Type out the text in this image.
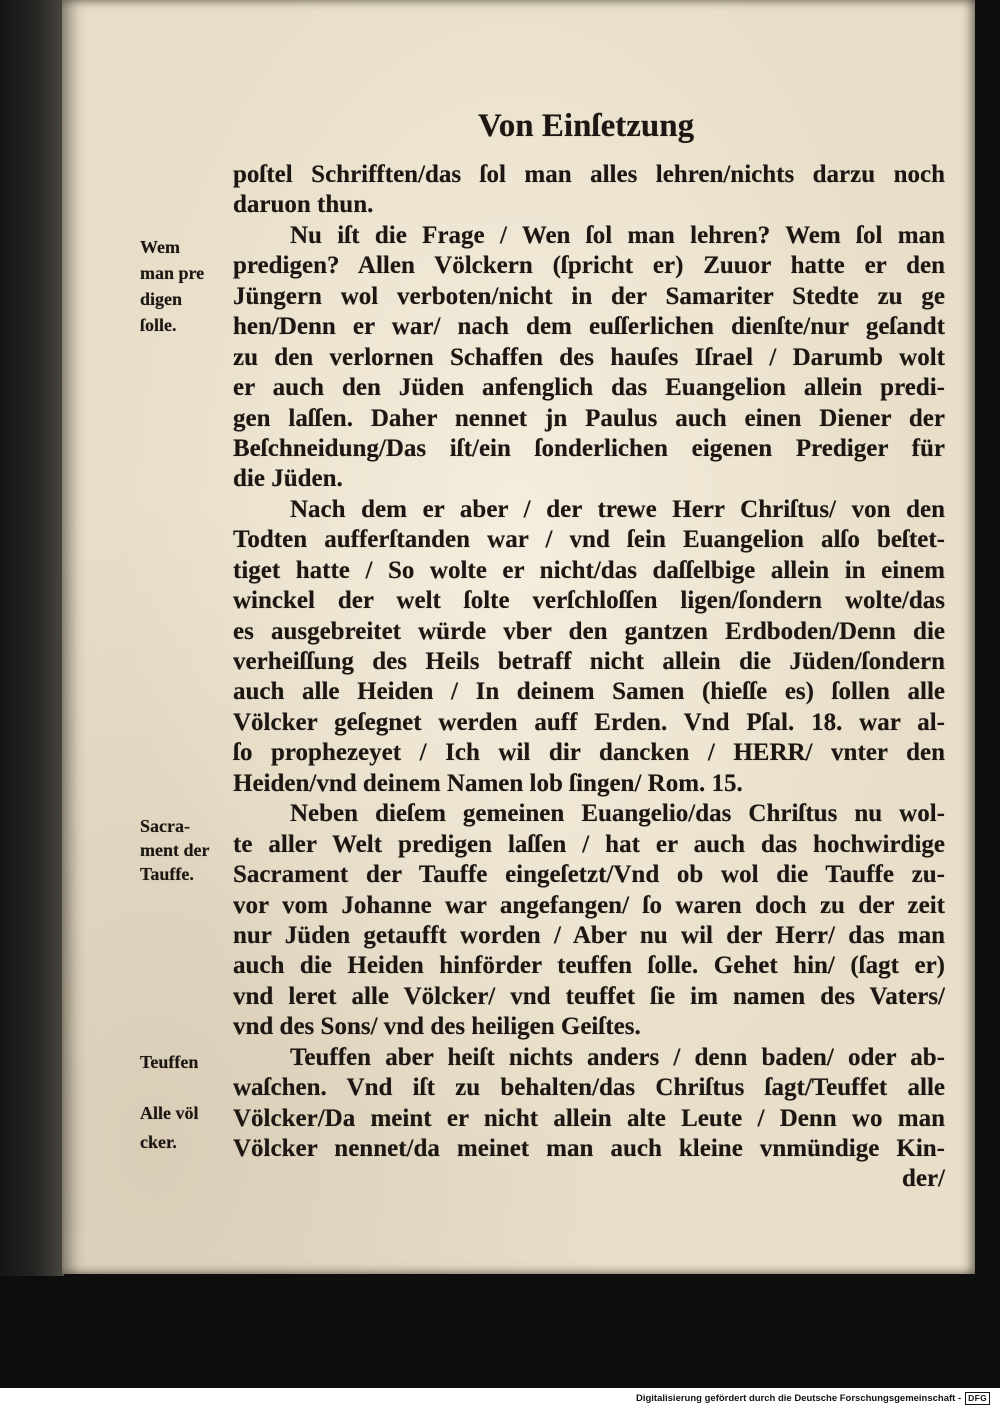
Von Einſetzung
poſtel Schrifften/das ſol man alles lehren/nichts darzu noch
daruon thun.
Nu iſt die Frage / Wen ſol man lehren? Wem ſol man
predigen? Allen Völckern (ſpricht er) Zuuor hatte er den
Jüngern wol verboten/nicht in der Samariter Stedte zu ge
hen/Denn er war/ nach dem euſſerlichen dienſte/nur geſandt
zu den verlornen Schaffen des hauſes Iſrael / Darumb wolt
er auch den Jüden anfenglich das Euangelion allein predi-
gen laſſen. Daher nennet jn Paulus auch einen Diener der
Beſchneidung/Das iſt/ein ſonderlichen eigenen Prediger für
die Jüden.
Nach dem er aber / der trewe Herr Chriſtus/ von den
Todten aufferſtanden war / vnd ſein Euangelion alſo beſtet-
tiget hatte / So wolte er nicht/das daſſelbige allein in einem
winckel der welt ſolte verſchloſſen ligen/ſondern wolte/das
es ausgebreitet würde vber den gantzen Erdboden/Denn die
verheiſſung des Heils betraff nicht allein die Jüden/ſondern
auch alle Heiden / In deinem Samen (hieſſe es) ſollen alle
Völcker geſegnet werden auff Erden. Vnd Pſal. 18. war al-
ſo prophezeyet / Ich wil dir dancken / HERR/ vnter den
Heiden/vnd deinem Namen lob ſingen/ Rom. 15.
Neben dieſem gemeinen Euangelio/das Chriſtus nu wol-
te aller Welt predigen laſſen / hat er auch das hochwirdige
Sacrament der Tauffe eingeſetzt/Vnd ob wol die Tauffe zu-
vor vom Johanne war angefangen/ ſo waren doch zu der zeit
nur Jüden getaufft worden / Aber nu wil der Herr/ das man
auch die Heiden hinförder teuffen ſolle. Gehet hin/ (ſagt er)
vnd leret alle Völcker/ vnd teuffet ſie im namen des Vaters/
vnd des Sons/ vnd des heiligen Geiſtes.
Teuffen aber heiſt nichts anders / denn baden/ oder ab-
waſchen. Vnd iſt zu behalten/das Chriſtus ſagt/Teuffet alle
Völcker/Da meint er nicht allein alte Leute / Denn wo man
Völcker nennet/da meinet man auch kleine vnmündige Kin-
der/
Wem
man pre
digen
ſolle.
Sacra-
ment der
Tauffe.
Teuffen
Alle völ
cker.
Digitalisierung gefördert durch die Deutsche Forschungsgemeinschaft - DFG
